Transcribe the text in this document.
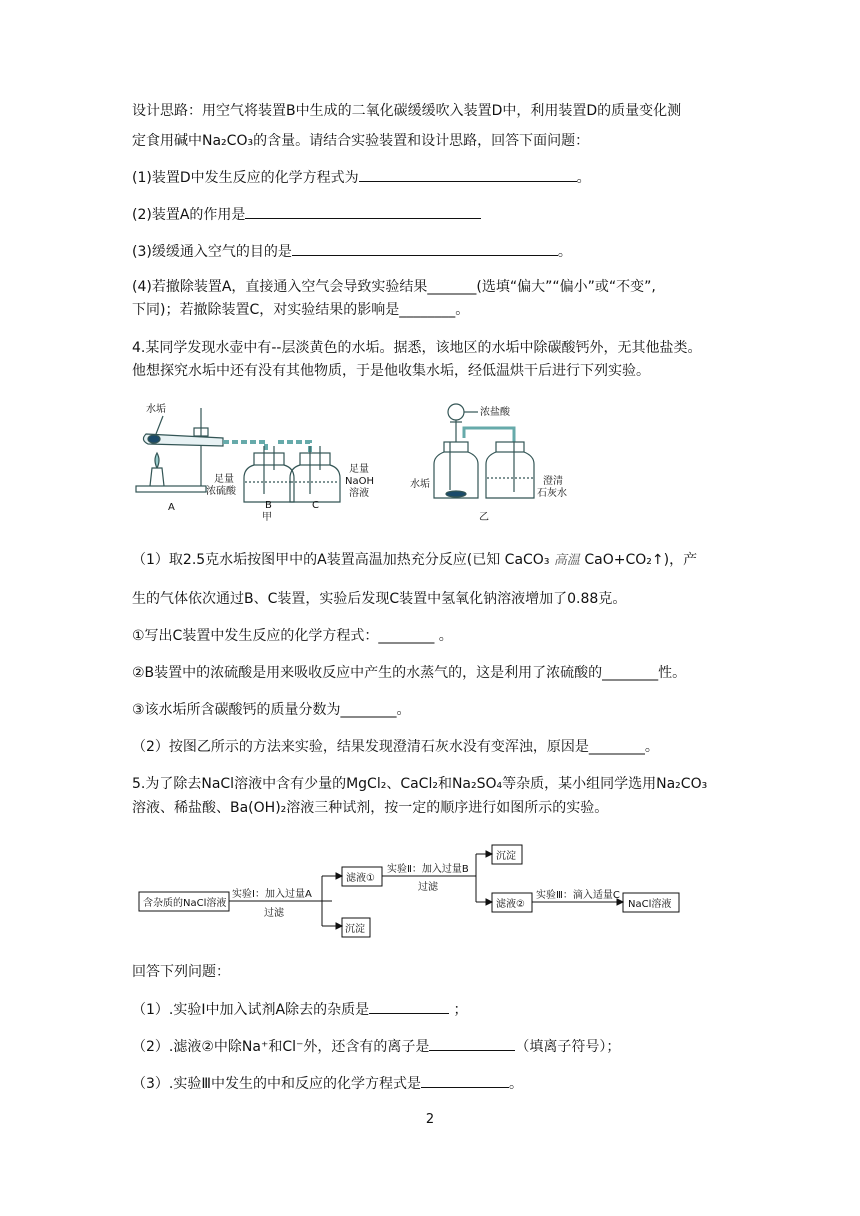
设计思路：用空气将装置B中生成的二氧化碳缓缓吹入装置D中，利用装置D的质量变化测
定食用碱中Na₂CO₃的含量。请结合实验装置和设计思路，回答下面问题：
(1)装置D中发生反应的化学方程式为	。
(2)装置A的作用是
(3)缓缓通入空气的目的是	。
(4)若撤除装置A，直接通入空气会导致实验结果_______(选填“偏大”“偏小”或“不变”,
下同)；若撤除装置C，对实验结果的影响是________。
4.某同学发现水壶中有--层淡黄色的水垢。据悉，该地区的水垢中除碳酸钙外，无其他盐类。
他想探究水垢中还有没有其他物质，于是他收集水垢，经低温烘干后进行下列实验。
水垢
足量
浓硫酸
足量
NaOH
溶液
A	B	C
甲
浓盐酸
水垢	澄清
石灰水
乙
（1）取2.5克水垢按图甲中的A装置高温加热充分反应(已知 CaCO₃ 高温 CaO+CO₂↑)，产
生的气体依次通过B、C装置，实验后发现C装置中氢氧化钠溶液增加了0.88克。
①写出C装置中发生反应的化学方程式：________ 。
②B装置中的浓硫酸是用来吸收反应中产生的水蒸气的，这是利用了浓硫酸的________性。
③该水垢所含碳酸钙的质量分数为________。
（2）按图乙所示的方法来实验，结果发现澄清石灰水没有变浑浊，原因是________。
5.为了除去NaCl溶液中含有少量的MgCl₂、CaCl₂和Na₂SO₄等杂质，某小组同学选用Na₂CO₃
溶液、稀盐酸、Ba(OH)₂溶液三种试剂，按一定的顺序进行如图所示的实验。
含杂质的NaCl溶液
实验Ⅰ：加入过量A
过滤
滤液①
沉淀
实验Ⅱ：加入过量B
过滤
沉淀
滤液②
实验Ⅲ：滴入适量C
NaCl溶液
回答下列问题：
（1）.实验Ⅰ中加入试剂A除去的杂质是	；
（2）.滤液②中除Na⁺和Cl⁻外，还含有的离子是	（填离子符号）；
（3）.实验Ⅲ中发生的中和反应的化学方程式是	。
2
